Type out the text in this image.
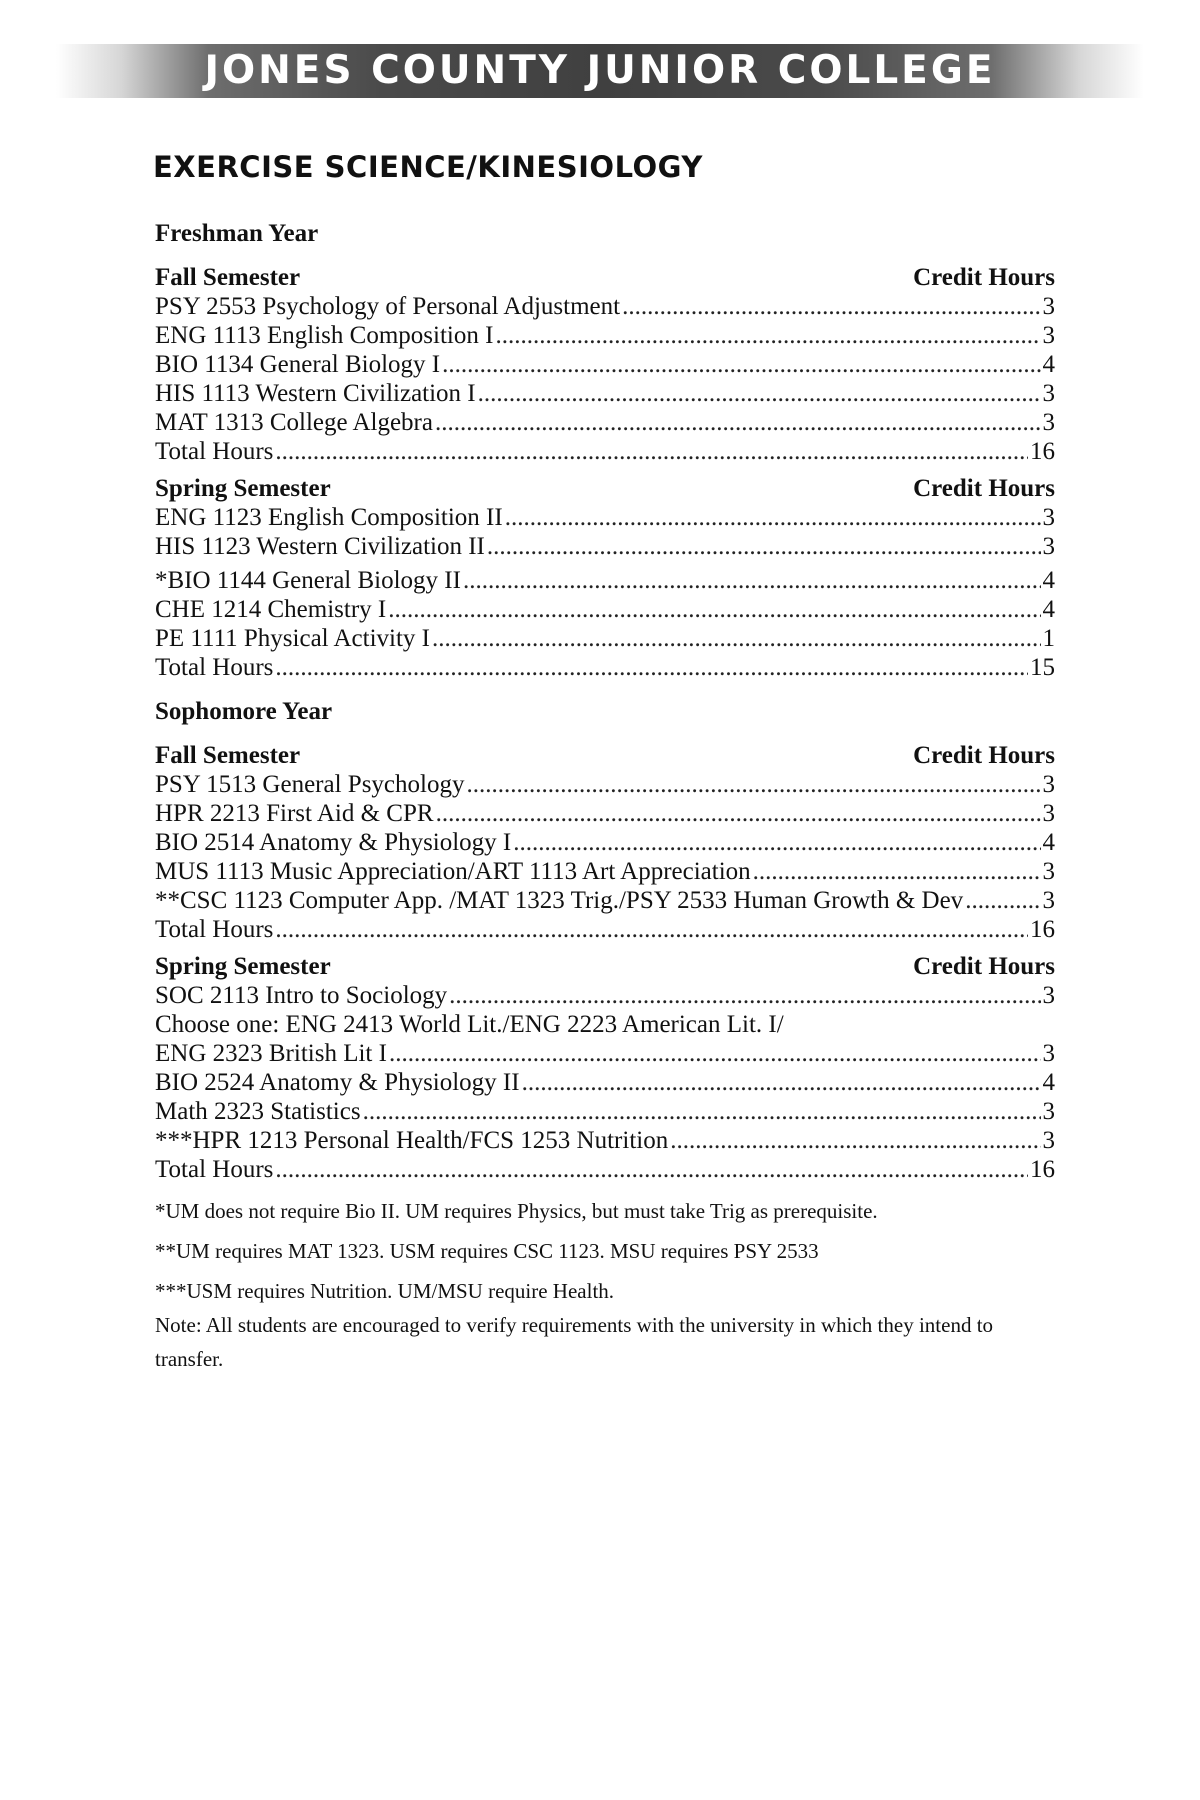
JONES COUNTY JUNIOR COLLEGE
EXERCISE SCIENCE/KINESIOLOGY
Freshman Year
Fall Semester	Credit Hours
PSY 2553 Psychology of Personal Adjustment .....	3
ENG 1113 English Composition I .....	3
BIO 1134 General Biology I .....	4
HIS 1113 Western Civilization I .....	3
MAT 1313 College Algebra .....	3
Total Hours .....	16
Spring Semester	Credit Hours
ENG 1123 English Composition II .....	3
HIS 1123 Western Civilization II .....	3
*BIO 1144 General Biology II .....	4
CHE 1214 Chemistry I .....	4
PE 1111 Physical Activity I .....	1
Total Hours .....	15
Sophomore Year
Fall Semester	Credit Hours
PSY 1513 General Psychology .....	3
HPR 2213 First Aid & CPR .....	3
BIO 2514 Anatomy & Physiology I .....	4
MUS 1113 Music Appreciation/ART 1113 Art Appreciation .....	3
**CSC 1123 Computer App. /MAT 1323 Trig./PSY 2533 Human Growth & Dev .....	3
Total Hours .....	16
Spring Semester	Credit Hours
SOC 2113 Intro to Sociology .....	3
Choose one: ENG 2413 World Lit./ENG 2223 American Lit. I/
ENG 2323 British Lit I .....	3
BIO 2524 Anatomy & Physiology II .....	4
Math 2323 Statistics .....	3
***HPR 1213 Personal Health/FCS 1253 Nutrition .....	3
Total Hours .....	16

*UM does not require Bio II. UM requires Physics, but must take Trig as prerequisite.

**UM requires MAT 1323. USM requires CSC 1123. MSU requires PSY 2533

***USM requires Nutrition. UM/MSU require Health.

Note: All students are encouraged to verify requirements with the university in which they intend to transfer.
